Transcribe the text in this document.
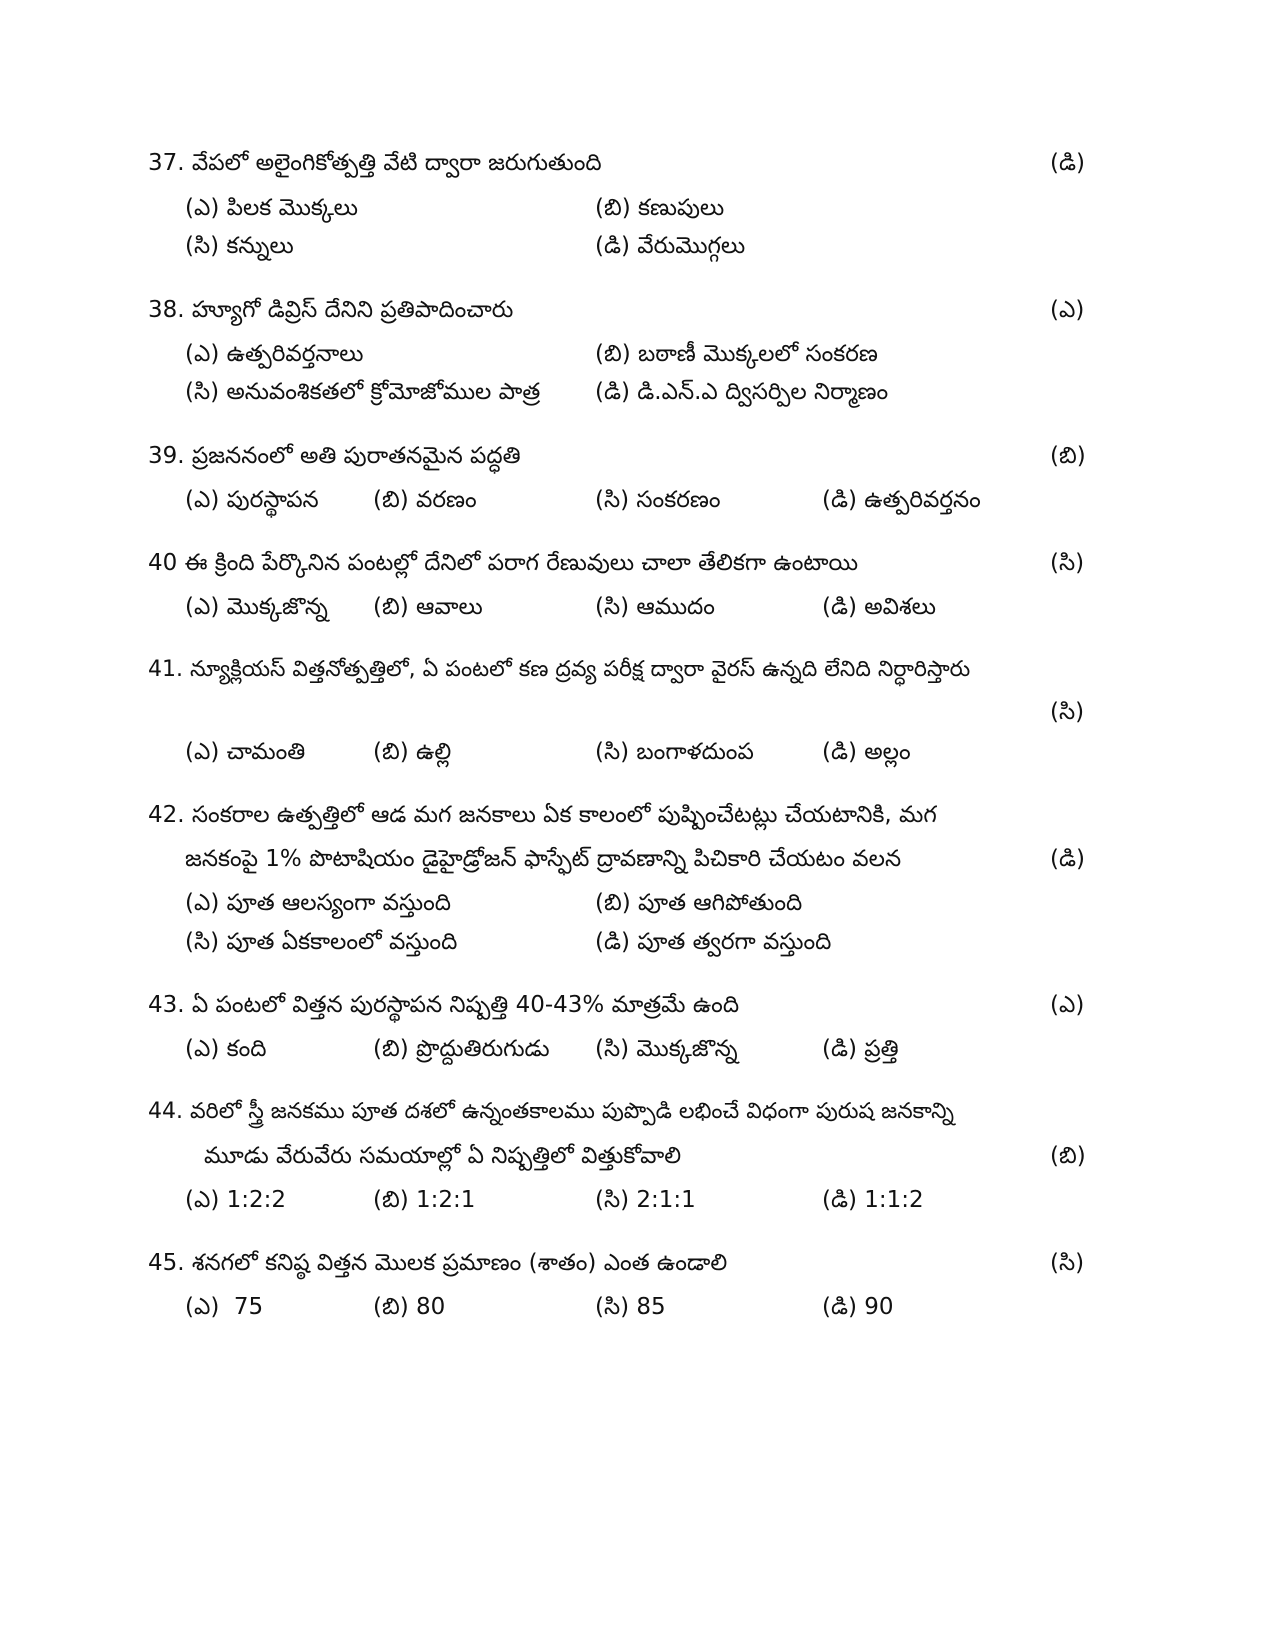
37. వేపలో అలైంగికోత్పత్తి వేటి ద్వారా జరుగుతుంది	(డి)
(ఎ) పిలక మొక్కలు	(బి) కణుపులు
(సి) కన్నులు	(డి) వేరుమొగ్గలు
38. హ్యూగో డివ్రిస్ దేనిని ప్రతిపాదించారు	(ఎ)
(ఎ) ఉత్పరివర్తనాలు	(బి) బఠాణీ మొక్కలలో సంకరణ
(సి) అనువంశికతలో క్రోమోజోముల పాత్ర (డి) డి.ఎన్.ఎ ద్విసర్పిల నిర్మాణం
39. ప్రజననంలో అతి పురాతనమైన పద్ధతి	(బి)
(ఎ) పురస్థాపన (బి) వరణం	(సి) సంకరణం	(డి) ఉత్పరివర్తనం
40 ఈ క్రింది పేర్కొనిన పంటల్లో దేనిలో పరాగ రేణువులు చాలా తేలికగా ఉంటాయి	(సి)
(ఎ) మొక్కజొన్న (బి) ఆవాలు	(సి) ఆముదం	(డి) అవిశలు
41. న్యూక్లియస్ విత్తనోత్పత్తిలో, ఏ పంటలో కణ ద్రవ్య పరీక్ష ద్వారా వైరస్ ఉన్నది లేనిది నిర్ధారిస్తారు
(సి)
(ఎ) చామంతి	(బి) ఉల్లి	(సి) బంగాళదుంప	(డి) అల్లం
42. సంకరాల ఉత్పత్తిలో ఆడ మగ జనకాలు ఏక కాలంలో పుష్పించేటట్లు చేయటానికి, మగ
జనకంపై 1% పొటాషియం డైహైడ్రోజన్ ఫాస్ఫేట్ ద్రావణాన్ని పిచికారి చేయటం వలన	(డి)
(ఎ) పూత ఆలస్యంగా వస్తుంది	(బి) పూత ఆగిపోతుంది
(సి) పూత ఏకకాలంలో వస్తుంది	(డి) పూత త్వరగా వస్తుంది
43. ఏ పంటలో విత్తన పురస్థాపన నిష్పత్తి 40-43% మాత్రమే ఉంది	(ఎ)
(ఎ) కంది	(బి) ప్రొద్దుతిరుగుడు (సి) మొక్కజొన్న	(డి) ప్రత్తి
44. వరిలో స్త్రీ జనకము పూత దశలో ఉన్నంతకాలము పుప్పొడి లభించే విధంగా పురుష జనకాన్ని
మూడు వేరువేరు సమయాల్లో ఏ నిష్పత్తిలో విత్తుకోవాలి	(బి)
(ఎ) 1:2:2	(బి) 1:2:1	(సి) 2:1:1	(డి) 1:1:2
45. శనగలో కనిష్ఠ విత్తన మొలక ప్రమాణం (శాతం) ఎంత ఉండాలి	(సి)
(ఎ)  75	(బి) 80	(సి) 85	(డి) 90
